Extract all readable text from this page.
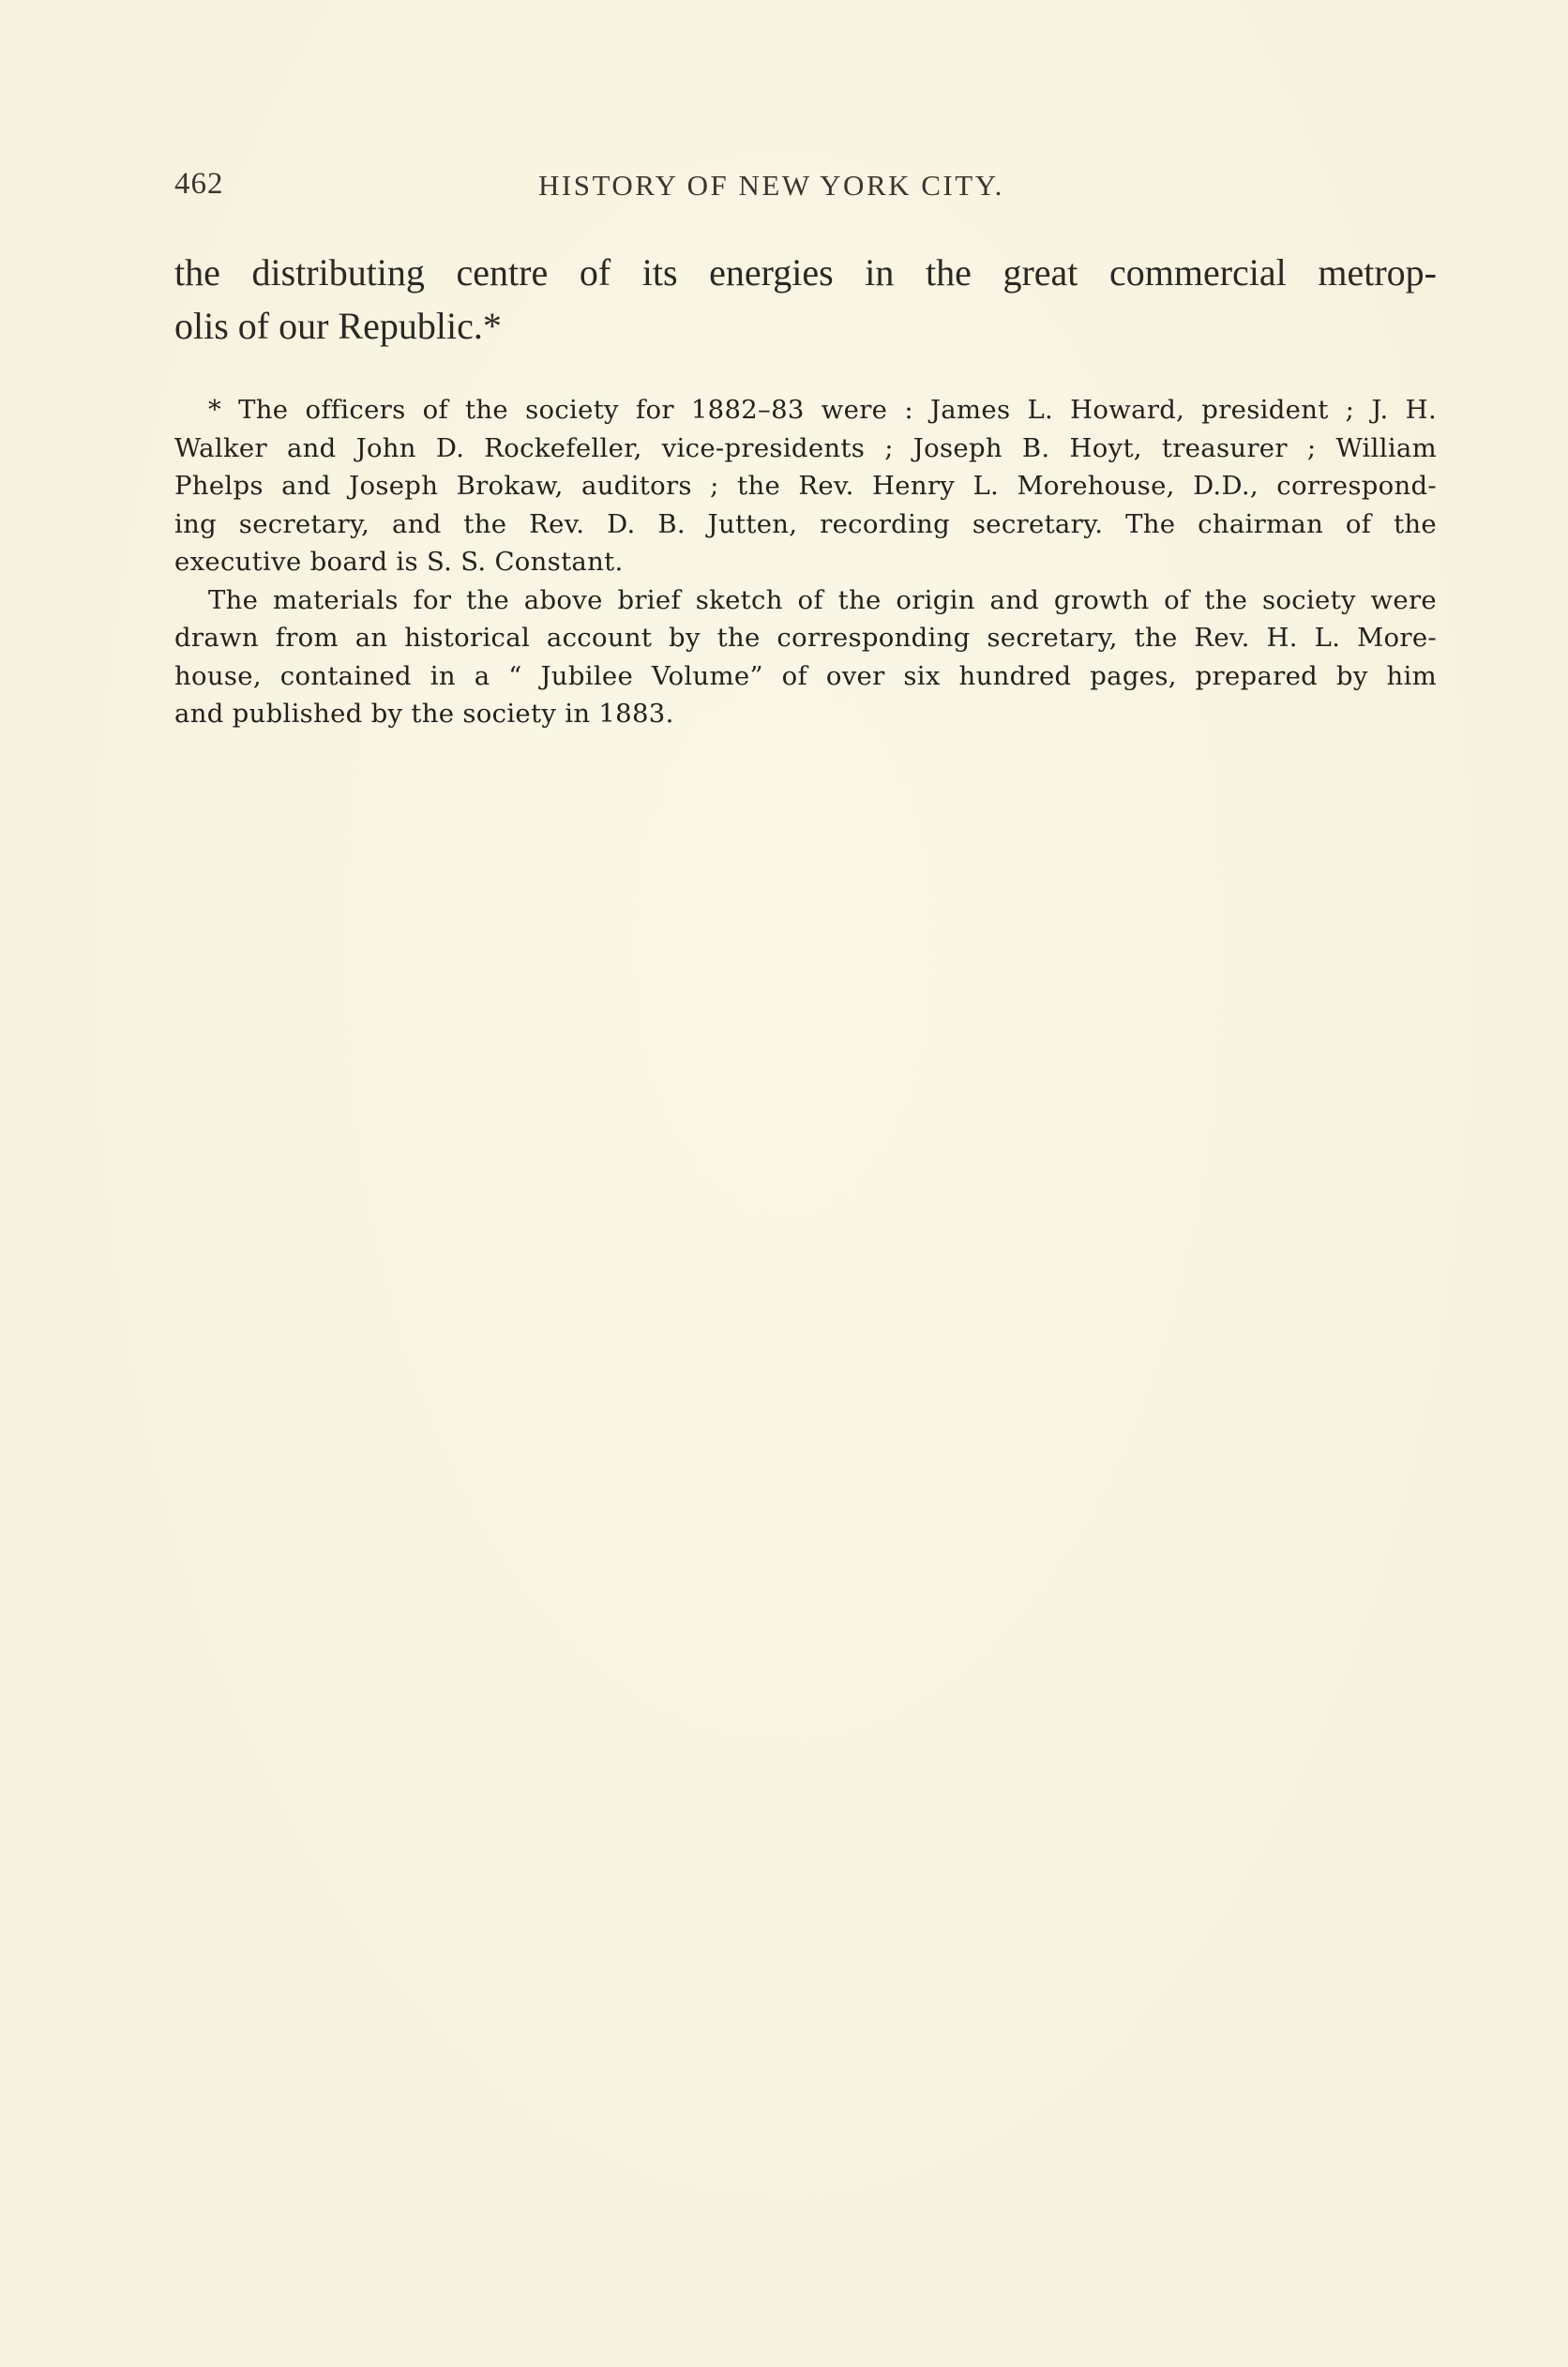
462	HISTORY OF NEW YORK CITY.

the distributing centre of its energies in the great commercial metrop-
olis of our Republic.*

* The officers of the society for 1882–83 were : James L. Howard, president ; J. H.
Walker and John D. Rockefeller, vice-presidents ; Joseph B. Hoyt, treasurer ; William
Phelps and Joseph Brokaw, auditors ; the Rev. Henry L. Morehouse, D.D., correspond-
ing secretary, and the Rev. D. B. Jutten, recording secretary. The chairman of the
executive board is S. S. Constant.

The materials for the above brief sketch of the origin and growth of the society were
drawn from an historical account by the corresponding secretary, the Rev. H. L. More-
house, contained in a “ Jubilee Volume” of over six hundred pages, prepared by him
and published by the society in 1883.
